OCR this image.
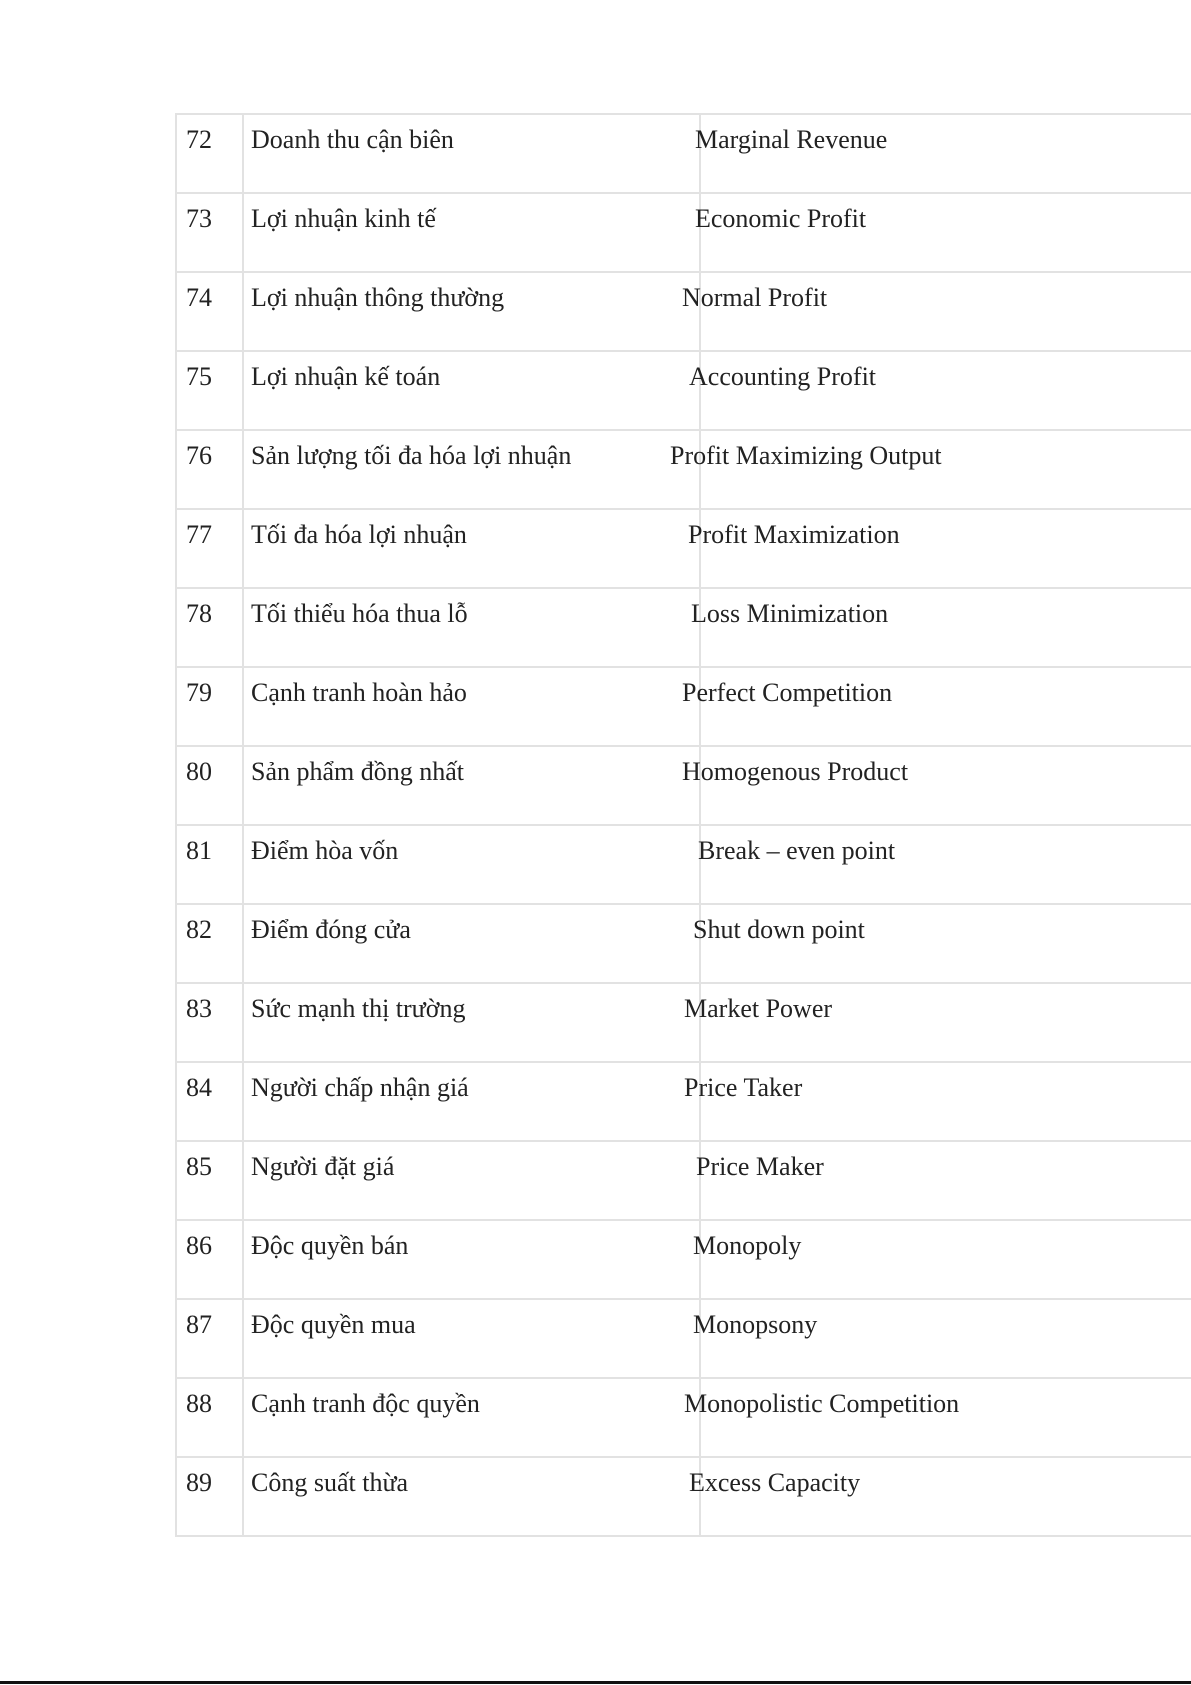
72 Doanh thu cận biên	Marginal Revenue
73 Lợi nhuận kinh tế	Economic Profit
74 Lợi nhuận thông thường	Normal Profit
75 Lợi nhuận kế toán	Accounting Profit
76 Sản lượng tối đa hóa lợi nhuận	Profit Maximizing Output
77 Tối đa hóa lợi nhuận	Profit Maximization
78 Tối thiểu hóa thua lỗ	Loss Minimization
79 Cạnh tranh hoàn hảo	Perfect Competition
80 Sản phẩm đồng nhất	Homogenous Product
81 Điểm hòa vốn	Break – even point
82 Điểm đóng cửa	Shut down point
83 Sức mạnh thị trường	Market Power
84 Người chấp nhận giá	Price Taker
85 Người đặt giá	Price Maker
86 Độc quyền bán	Monopoly
87 Độc quyền mua	Monopsony
88 Cạnh tranh độc quyền	Monopolistic Competition
89 Công suất thừa	Excess Capacity
